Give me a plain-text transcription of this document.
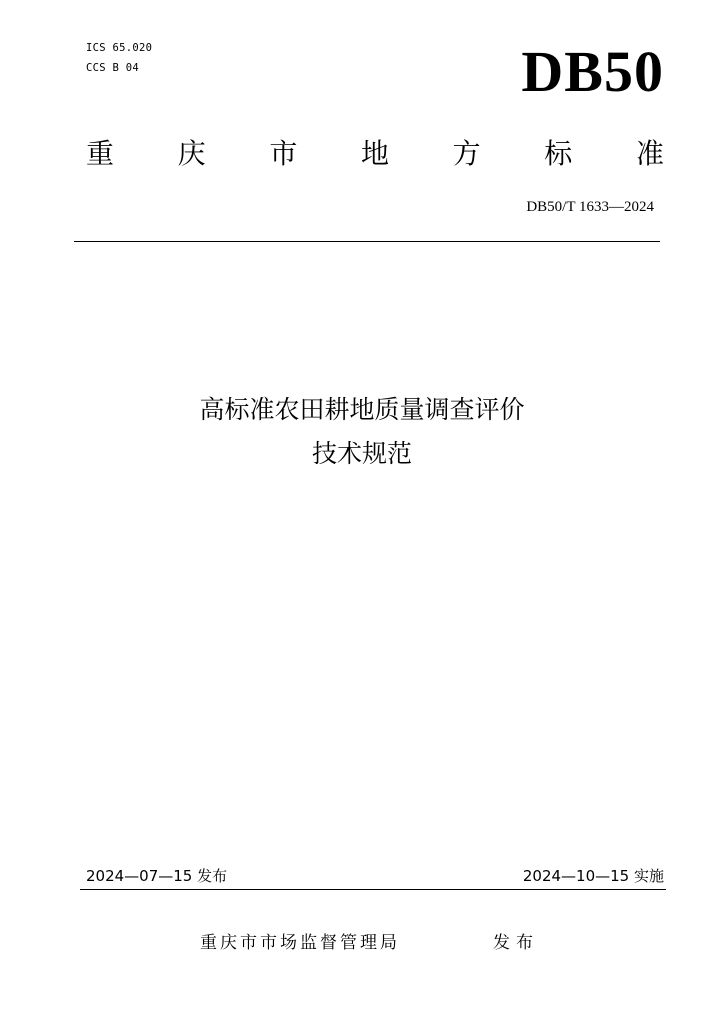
ICS 65.020
CCS B 04	DB50
重 庆 市 地 方 标 准
DB50/T 1633—2024
高标准农田耕地质量调查评价
技术规范
2024—07—15 发布	2024—10—15 实施
重庆市市场监督管理局	发布
